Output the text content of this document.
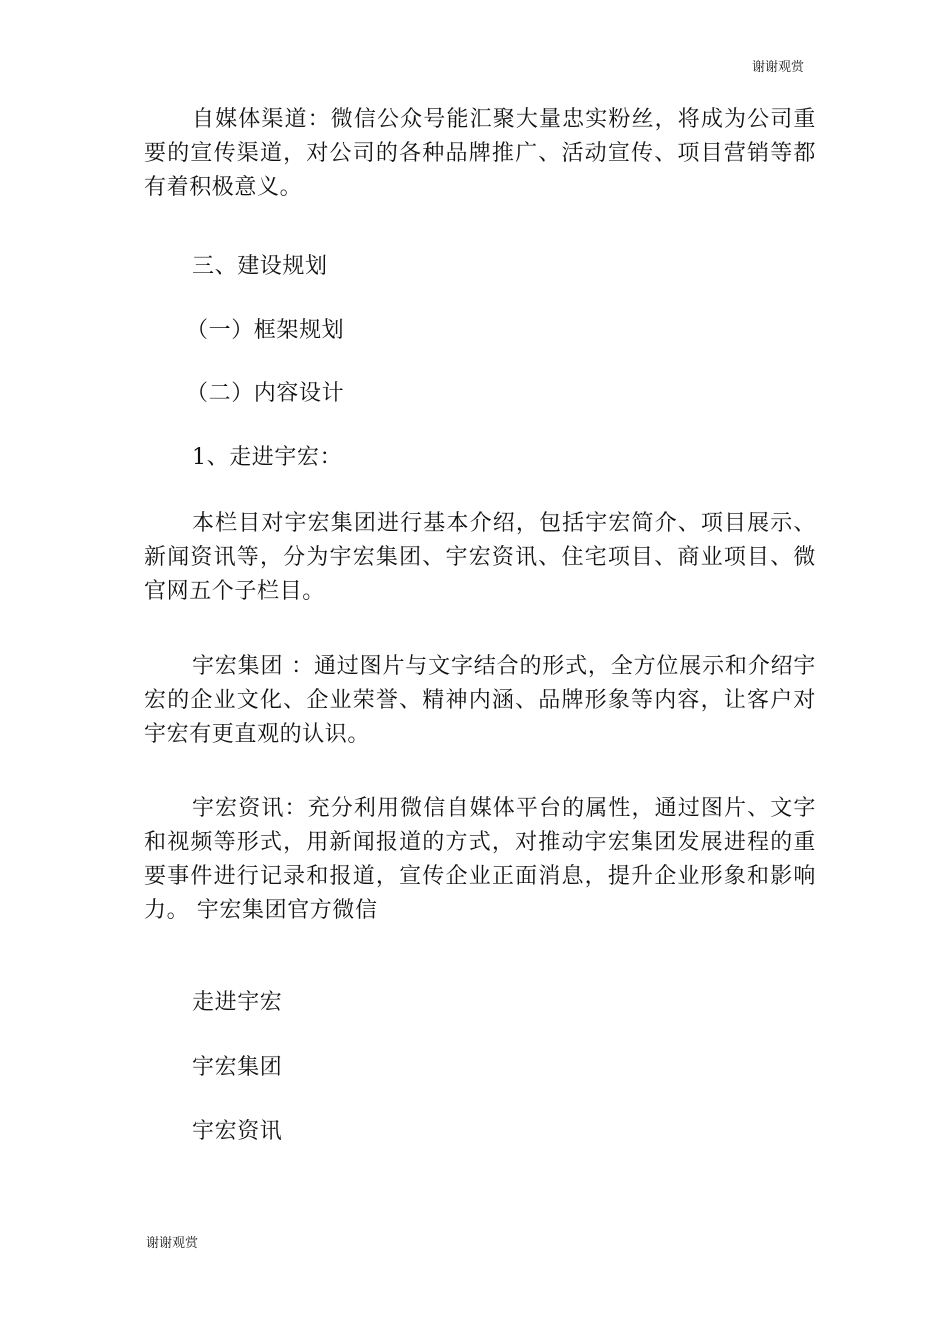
谢谢观赏

自媒体渠道：微信公众号能汇聚大量忠实粉丝，将成为公司重要的宣传渠道，对公司的各种品牌推广、活动宣传、项目营销等都有着积极意义。

三、建设规划
（一）框架规划
（二）内容设计
1、走进宇宏：

本栏目对宇宏集团进行基本介绍，包括宇宏简介、项目展示、新闻资讯等，分为宇宏集团、宇宏资讯、住宅项目、商业项目、微官网五个子栏目。

宇宏集团 ：通过图片与文字结合的形式，全方位展示和介绍宇宏的企业文化、企业荣誉、精神内涵、品牌形象等内容，让客户对宇宏有更直观的认识。

宇宏资讯：充分利用微信自媒体平台的属性，通过图片、文字和视频等形式，用新闻报道的方式，对推动宇宏集团发展进程的重要事件进行记录和报道，宣传企业正面消息，提升企业形象和影响力。 宇宏集团官方微信

走进宇宏
宇宏集团
宇宏资讯
谢谢观赏
